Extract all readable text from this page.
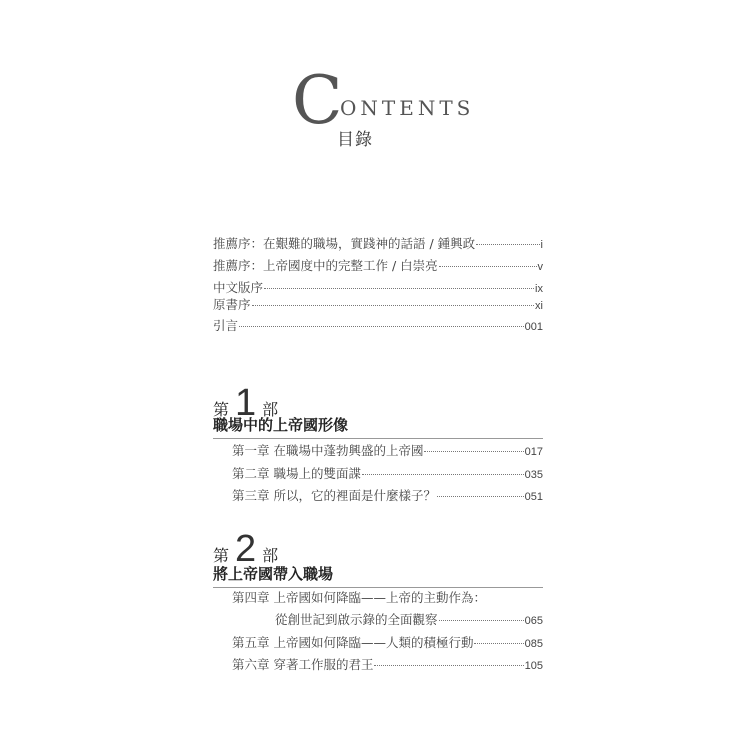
C
ONTENTS
目錄
推薦序：在艱難的職場，實踐神的話語 / 鍾興政	i
推薦序：上帝國度中的完整工作 / 白崇亮	v
中文版序	ix
原書序	xi
引言	001
第 1 部
職場中的上帝國形像
第一章 在職場中蓬勃興盛的上帝國	017
第二章 職場上的雙面諜	035
第三章 所以，它的裡面是什麼樣子？	051
第 2 部
將上帝國帶入職場
第四章 上帝國如何降臨——上帝的主動作為：
從創世記到啟示錄的全面觀察	065
第五章 上帝國如何降臨——人類的積極行動	085
第六章 穿著工作服的君王	105
